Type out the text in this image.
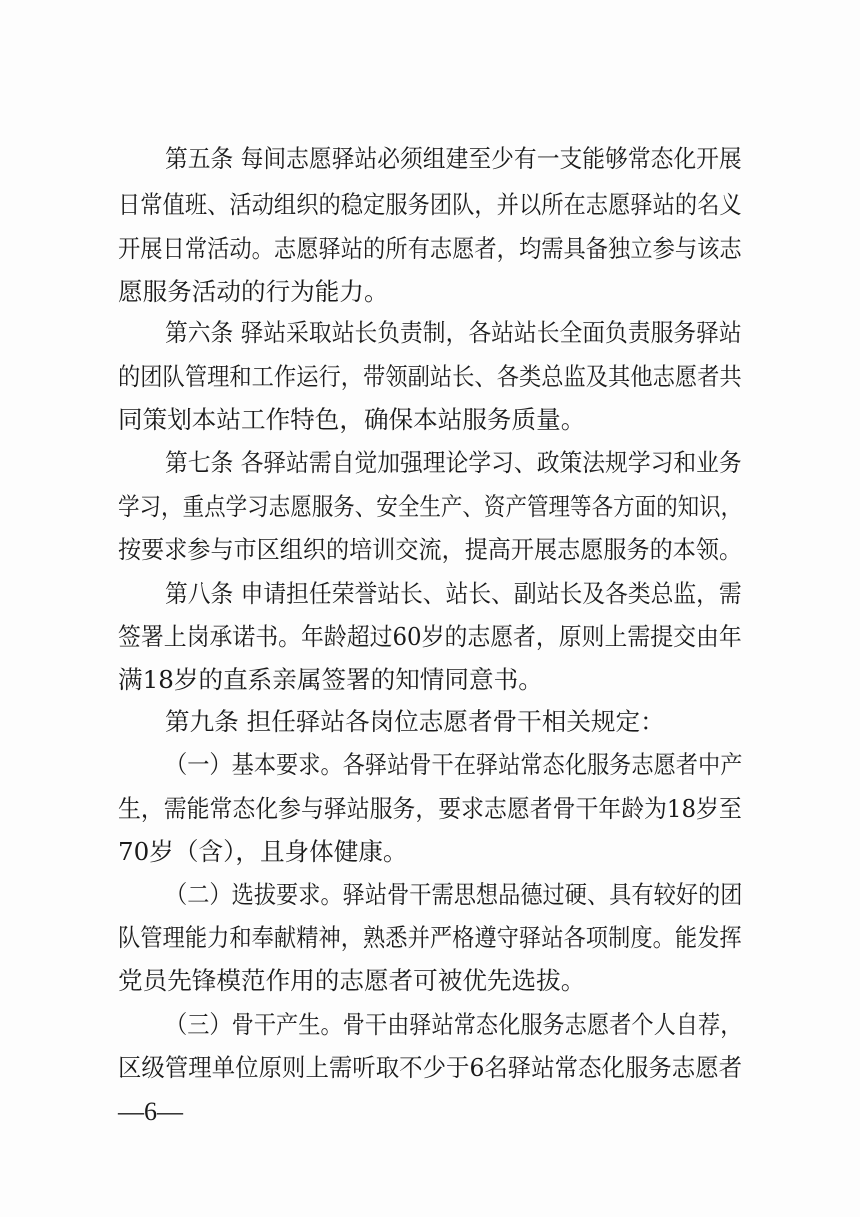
第五条 每间志愿驿站必须组建至少有一支能够常态化开展
日常值班、活动组织的稳定服务团队，并以所在志愿驿站的名义
开展日常活动。志愿驿站的所有志愿者，均需具备独立参与该志
愿服务活动的行为能力。
第六条 驿站采取站长负责制，各站站长全面负责服务驿站
的团队管理和工作运行，带领副站长、各类总监及其他志愿者共
同策划本站工作特色，确保本站服务质量。
第七条 各驿站需自觉加强理论学习、政策法规学习和业务
学习，重点学习志愿服务、安全生产、资产管理等各方面的知识，
按要求参与市区组织的培训交流，提高开展志愿服务的本领。
第八条 申请担任荣誉站长、站长、副站长及各类总监，需
签署上岗承诺书。年龄超过60岁的志愿者，原则上需提交由年
满18岁的直系亲属签署的知情同意书。
第九条 担任驿站各岗位志愿者骨干相关规定：
（一）基本要求。各驿站骨干在驿站常态化服务志愿者中产
生，需能常态化参与驿站服务，要求志愿者骨干年龄为18岁至
70岁（含），且身体健康。
（二）选拔要求。驿站骨干需思想品德过硬、具有较好的团
队管理能力和奉献精神，熟悉并严格遵守驿站各项制度。能发挥
党员先锋模范作用的志愿者可被优先选拔。
（三）骨干产生。骨干由驿站常态化服务志愿者个人自荐，
区级管理单位原则上需听取不少于6名驿站常态化服务志愿者
—6—
